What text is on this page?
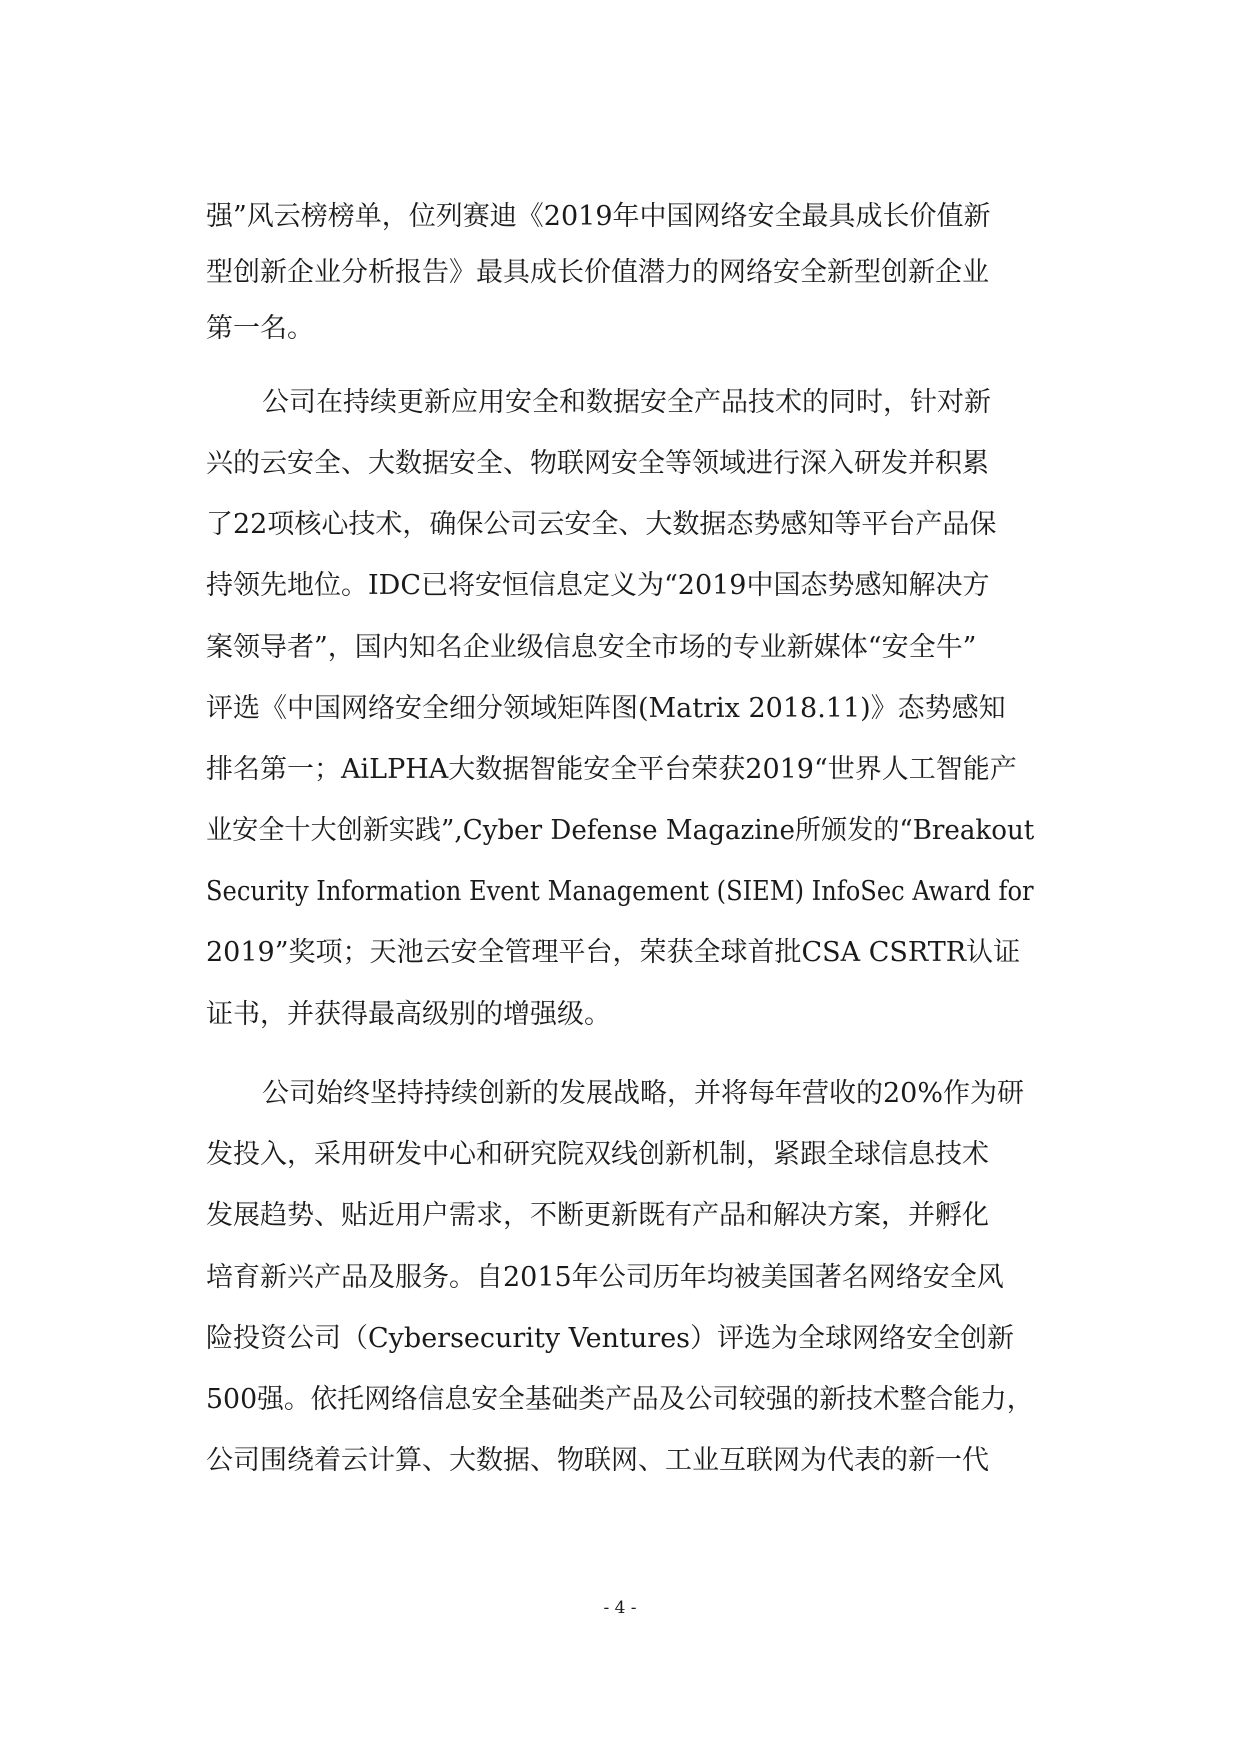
强”风云榜榜单，位列赛迪《2019年中国网络安全最具成长价值新
型创新企业分析报告》最具成长价值潜力的网络安全新型创新企业
第一名。
公司在持续更新应用安全和数据安全产品技术的同时，针对新
兴的云安全、大数据安全、物联网安全等领域进行深入研发并积累
了22项核心技术，确保公司云安全、大数据态势感知等平台产品保
持领先地位。IDC已将安恒信息定义为“2019中国态势感知解决方
案领导者”，国内知名企业级信息安全市场的专业新媒体“安全牛”
评选《中国网络安全细分领域矩阵图(Matrix 2018.11)》态势感知
排名第一；AiLPHA大数据智能安全平台荣获2019“世界人工智能产
业安全十大创新实践”,Cyber Defense Magazine所颁发的“Breakout
Security Information Event Management (SIEM) InfoSec Award for
2019”奖项；天池云安全管理平台，荣获全球首批CSA CSRTR认证
证书，并获得最高级别的增强级。
公司始终坚持持续创新的发展战略，并将每年营收的20%作为研
发投入，采用研发中心和研究院双线创新机制，紧跟全球信息技术
发展趋势、贴近用户需求，不断更新既有产品和解决方案，并孵化
培育新兴产品及服务。自2015年公司历年均被美国著名网络安全风
险投资公司（Cybersecurity Ventures）评选为全球网络安全创新
500强。依托网络信息安全基础类产品及公司较强的新技术整合能力，
公司围绕着云计算、大数据、物联网、工业互联网为代表的新一代
- 4 -
